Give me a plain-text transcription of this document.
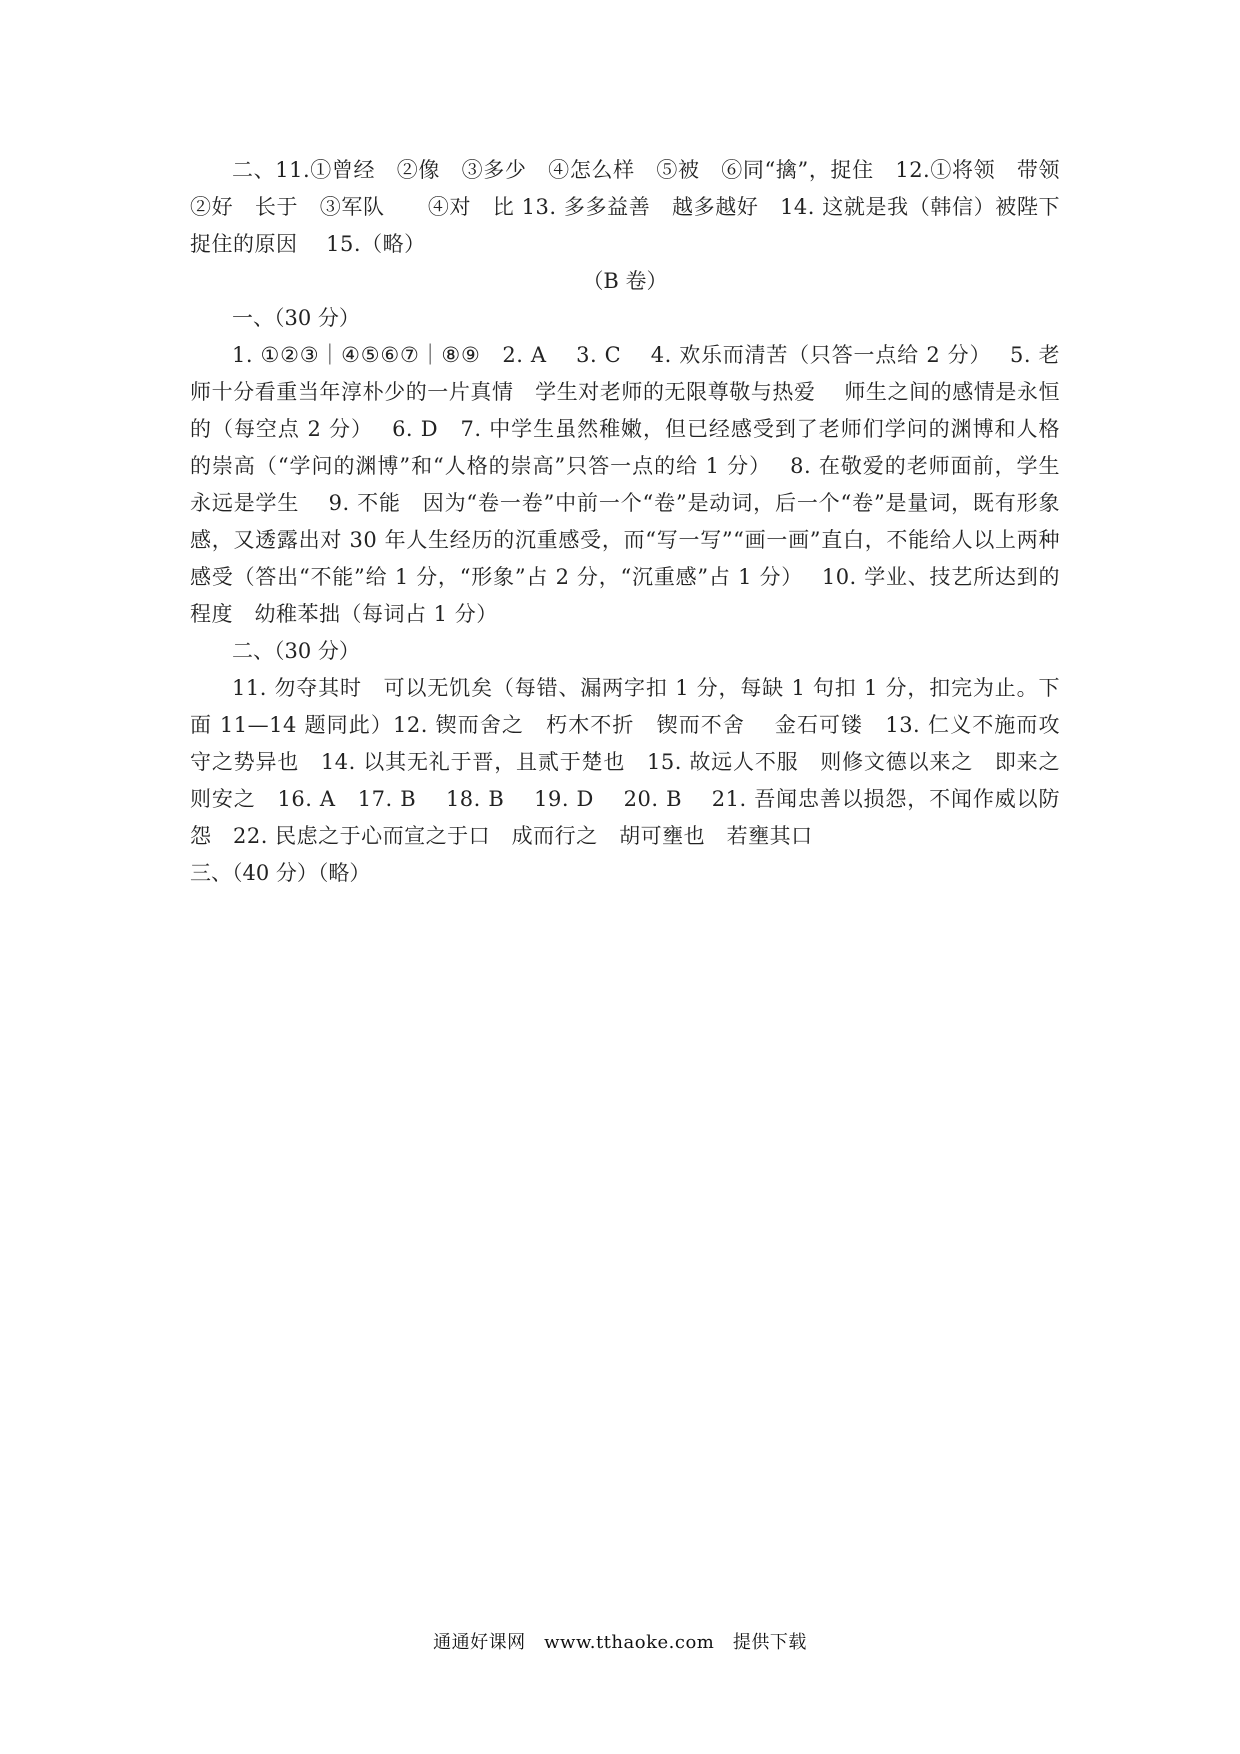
二、11.①曾经　②像　③多少　④怎么样　⑤被　⑥同“擒”，捉住　12.①将领　带领　②好　长于　③军队　　④对　比 13. 多多益善　越多越好　14. 这就是我（韩信）被陛下捉住的原因　 15.（略）

（B 卷）

一、（30 分）

1. ①②③｜④⑤⑥⑦｜⑧⑨　2. A　 3. C　 4. 欢乐而清苦（只答一点给 2 分）　 5. 老师十分看重当年淳朴少的一片真情　学生对老师的无限尊敬与热爱　 师生之间的感情是永恒的（每空点 2 分）　 6. D　7. 中学生虽然稚嫩，但已经感受到了老师们学问的渊博和人格的崇高（“学问的渊博”和“人格的崇高”只答一点的给 1 分）　 8. 在敬爱的老师面前，学生永远是学生　 9. 不能　因为“卷一卷”中前一个“卷”是动词，后一个“卷”是量词，既有形象感，又透露出对 30 年人生经历的沉重感受，而“写一写”“画一画”直白，不能给人以上两种感受（答出“不能”给 1 分，“形象”占 2 分，“沉重感”占 1 分）　 10. 学业、技艺所达到的程度　幼稚苯拙（每词占 1 分）

二、（30 分）

11. 勿夺其时　可以无饥矣（每错、漏两字扣 1 分，每缺 1 句扣 1 分，扣完为止。下面 11—14 题同此）12. 锲而舍之　朽木不折　锲而不舍　 金石可镂　13. 仁义不施而攻守之势异也　14. 以其无礼于晋，且贰于楚也　15. 故远人不服　则修文德以来之　即来之　则安之　16. A　17. B　 18. B　 19. D　 20. B　 21. 吾闻忠善以损怨，不闻作威以防怨　22. 民虑之于心而宣之于口　成而行之　胡可壅也　若壅其口

三、（40 分）（略）

通通好课网　www.tthaoke.com　提供下载
